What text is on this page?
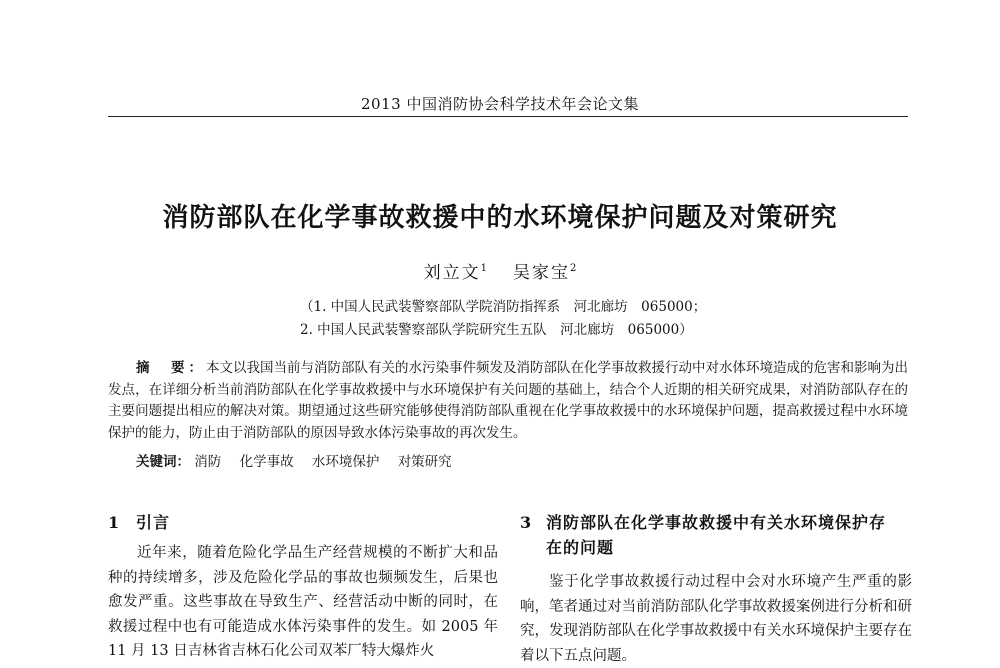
2013 中国消防协会科学技术年会论文集
消防部队在化学事故救援中的水环境保护问题及对策研究
刘立文$^1$ 吴家宝$^2$
（1. 中国人民武装警察部队学院消防指挥系　河北廊坊　065000；
2. 中国人民武装警察部队学院研究生五队　河北廊坊　065000）
摘　要：本文以我国当前与消防部队有关的水污染事件频发及消防部队在化学事故救援行动中对水体环境造成的危害和影响为出发点，在详细分析当前消防部队在化学事故救援中与水环境保护有关问题的基础上，结合个人近期的相关研究成果，对消防部队存在的主要问题提出相应的解决对策。期望通过这些研究能够使得消防部队重视在化学事故救援中的水环境保护问题，提高救援过程中水环境保护的能力，防止由于消防部队的原因导致水体污染事故的再次发生。
关键词： 消防 化学事故 水环境保护 对策研究
1 引言
近年来，随着危险化学品生产经营规模的不断扩大和品种的持续增多，涉及危险化学品的事故也频频发生，后果也愈发严重。这些事故在导致生产、经营活动中断的同时，在救援过程中也有可能造成水体污染事件的发生。如 2005 年 11 月 13 日吉林省吉林石化公司双苯厂特大爆炸火
3 消防部队在化学事故救援中有关水环境保护存
在的问题
鉴于化学事故救援行动过程中会对水环境产生严重的影响，笔者通过对当前消防部队化学事故救援案例进行分析和研究，发现消防部队在化学事故救援中有关水环境保护主要存在着以下五点问题。
